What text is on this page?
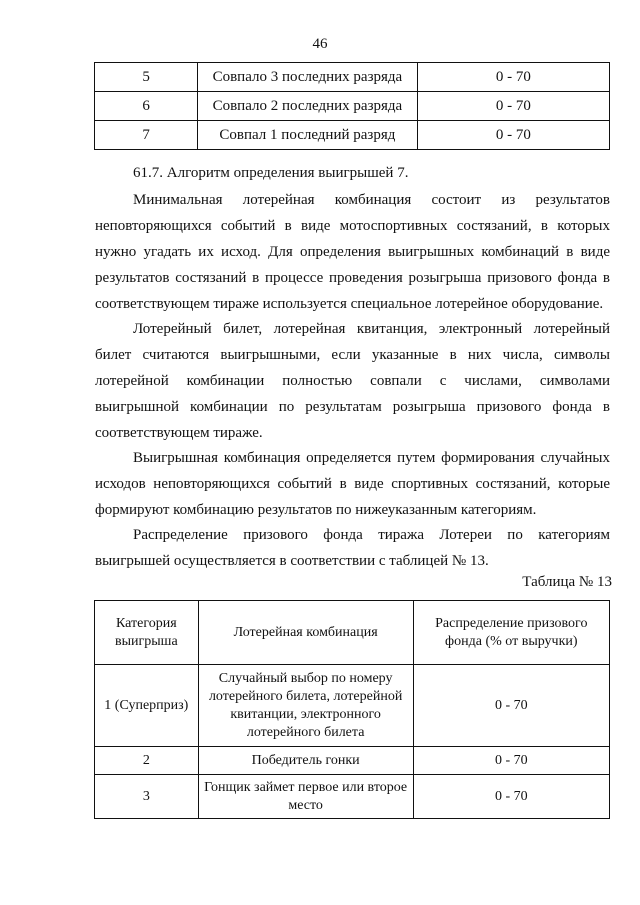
46
5	Совпало 3 последних разряда	0 - 70
6	Совпало 2 последних разряда	0 - 70
7	Совпал 1 последний разряд	0 - 70

61.7. Алгоритм определения выигрышей 7.

Минимальная лотерейная комбинация состоит из результатов неповторяющихся событий в виде мотоспортивных состязаний, в которых нужно угадать их исход. Для определения выигрышных комбинаций в виде результатов состязаний в процессе проведения розыгрыша призового фонда в соответствующем тираже используется специальное лотерейное оборудование.

Лотерейный билет, лотерейная квитанция, электронный лотерейный билет считаются выигрышными, если указанные в них числа, символы лотерейной комбинации полностью совпали с числами, символами выигрышной комбинации по результатам розыгрыша призового фонда в соответствующем тираже.

Выигрышная комбинация определяется путем формирования случайных исходов неповторяющихся событий в виде спортивных состязаний, которые формируют комбинацию результатов по нижеуказанным категориям.

Распределение призового фонда тиража Лотереи по категориям выигрышей осуществляется в соответствии с таблицей № 13.

Таблица № 13
Категория выигрыша	Лотерейная комбинация	Распределение призового фонда (% от выручки)
1 (Суперприз)	Случайный выбор по номеру лотерейного билета, лотерейной квитанции, электронного лотерейного билета	0 - 70
2	Победитель гонки	0 - 70
3	Гонщик займет первое или второе место	0 - 70
